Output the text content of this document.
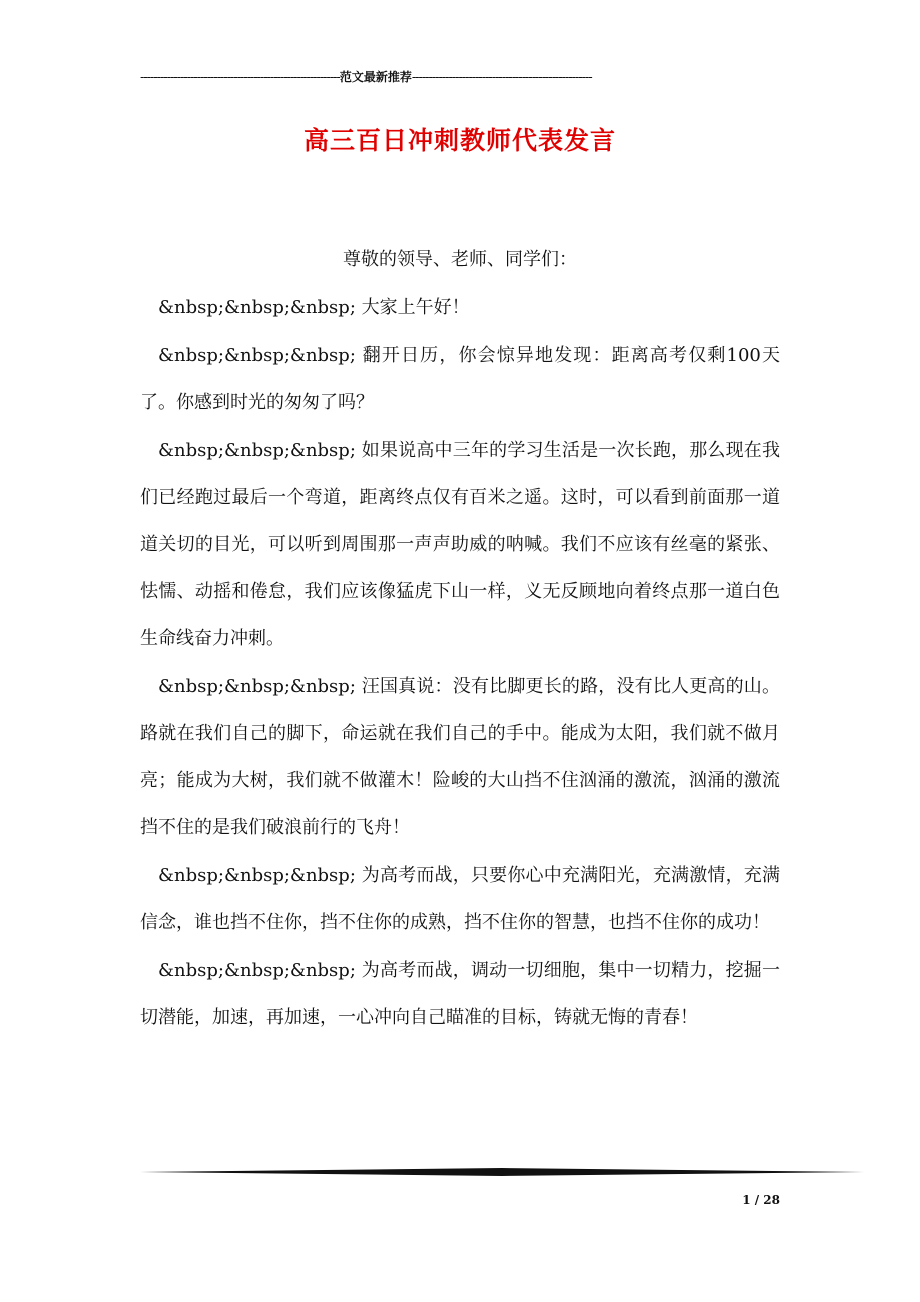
------------------------------------------------------------范文最新推荐------------------------------------------------------
高三百日冲刺教师代表发言

尊敬的领导、老师、同学们：

&nbsp;&nbsp;&nbsp; 大家上午好！

&nbsp;&nbsp;&nbsp; 翻开日历，你会惊异地发现：距离高考仅剩100天了。你感到时光的匆匆了吗？

&nbsp;&nbsp;&nbsp; 如果说高中三年的学习生活是一次长跑，那么现在我们已经跑过最后一个弯道，距离终点仅有百米之遥。这时，可以看到前面那一道道关切的目光，可以听到周围那一声声助威的呐喊。我们不应该有丝毫的紧张、怯懦、动摇和倦怠，我们应该像猛虎下山一样，义无反顾地向着终点那一道白色生命线奋力冲刺。

&nbsp;&nbsp;&nbsp; 汪国真说：没有比脚更长的路，没有比人更高的山。路就在我们自己的脚下，命运就在我们自己的手中。能成为太阳，我们就不做月亮；能成为大树，我们就不做灌木！险峻的大山挡不住汹涌的激流，汹涌的激流挡不住的是我们破浪前行的飞舟！

&nbsp;&nbsp;&nbsp; 为高考而战，只要你心中充满阳光，充满激情，充满信念，谁也挡不住你，挡不住你的成熟，挡不住你的智慧，也挡不住你的成功！

&nbsp;&nbsp;&nbsp; 为高考而战，调动一切细胞，集中一切精力，挖掘一切潜能，加速，再加速，一心冲向自己瞄准的目标，铸就无悔的青春！

1 / 28
